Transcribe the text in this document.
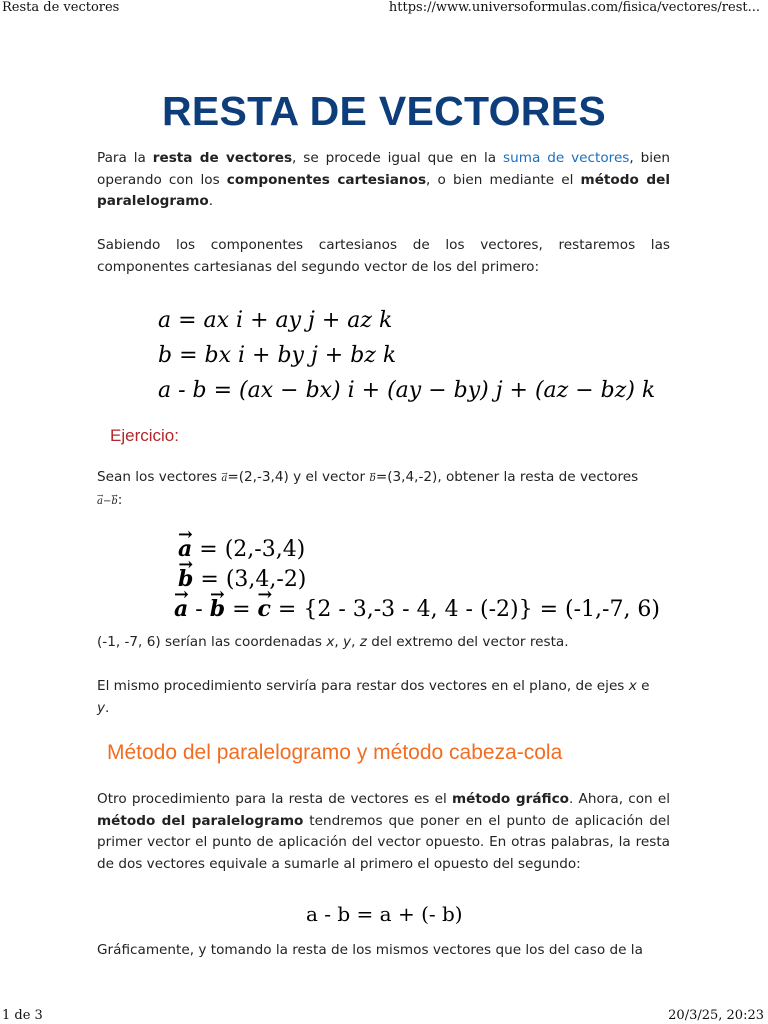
Resta de vectores	https://www.universoformulas.com/fisica/vectores/rest...
RESTA DE VECTORES

Para la resta de vectores, se procede igual que en la suma de vectores, bien operando con los componentes cartesianos, o bien mediante el método del paralelogramo.

Sabiendo los componentes cartesianos de los vectores, restaremos las componentes cartesianas del segundo vector de los del primero:

a = ax i + ay j + az k
b = bx i + by j + bz k
a - b = (ax − bx) i + (ay − by) j + (az − bz) k
Ejercicio:

Sean los vectores → a=(2,-3,4) y el vector → b=(3,4,-2), obtener la resta de vectores
→ a−→ b:

→ a = (2,-3,4)
→ b = (3,4,-2)
→ a - → b = → c = {2 - 3,-3 - 4, 4 - (-2)} = (-1,-7, 6)

(-1, -7, 6) serían las coordenadas x, y, z del extremo del vector resta.

El mismo procedimiento serviría para restar dos vectores en el plano, de ejes x e
y.

Método del paralelogramo y método cabeza-cola

Otro procedimiento para la resta de vectores es el método gráfico. Ahora, con el método del paralelogramo tendremos que poner en el punto de aplicación del primer vector el punto de aplicación del vector opuesto. En otras palabras, la resta de dos vectores equivale a sumarle al primero el opuesto del segundo:

a - b = a + (- b)

Gráficamente, y tomando la resta de los mismos vectores que los del caso de la

1 de 3	20/3/25, 20:23
